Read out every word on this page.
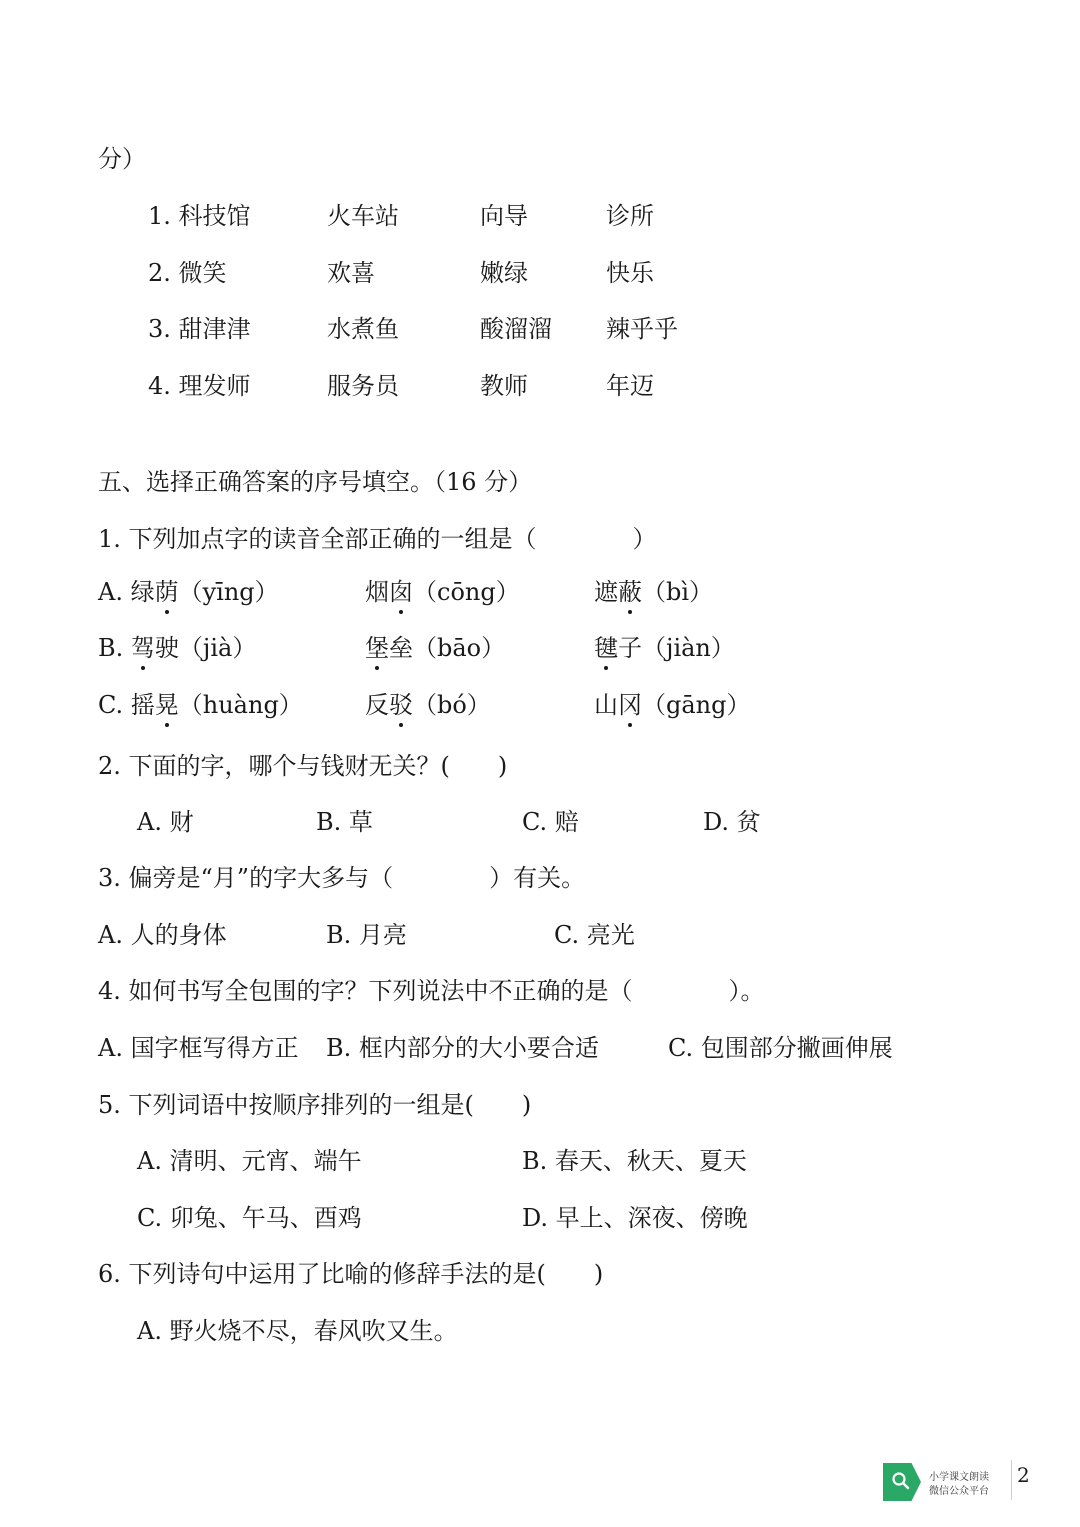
分）
1. 科技馆	火车站	向导	诊所
2. 微笑	欢喜	嫩绿	快乐
3. 甜津津	水煮鱼	酸溜溜 辣乎乎
4. 理发师	服务员	教师	年迈
五、选择正确答案的序号填空。（16 分）
1. 下列加点字的读音全部正确的一组是（　　　　）
A. 绿荫（yīng）	烟囱（cōng）	遮蔽（bì）
B. 驾驶（jià）	堡垒（bāo）	毽子（jiàn）
C. 摇晃（huàng）	反驳（bó）	山冈（gāng）
2. 下面的字，哪个与钱财无关？(　　)
A. 财	B. 草	C. 赔	D. 贫
3. 偏旁是“月”的字大多与（　　　　）有关。
A. 人的身体	B. 月亮	C. 亮光
4. 如何书写全包围的字？下列说法中不正确的是（　　　　）。
A. 国字框写得方正 B. 框内部分的大小要合适	C. 包围部分撇画伸展
5. 下列词语中按顺序排列的一组是(　　)
A. 清明、元宵、端午	B. 春天、秋天、夏天
C. 卯兔、午马、酉鸡	D. 早上、深夜、傍晚
6. 下列诗句中运用了比喻的修辞手法的是(　　)
A. 野火烧不尽，春风吹又生。
小学课文朗读
微信公众平台
2
